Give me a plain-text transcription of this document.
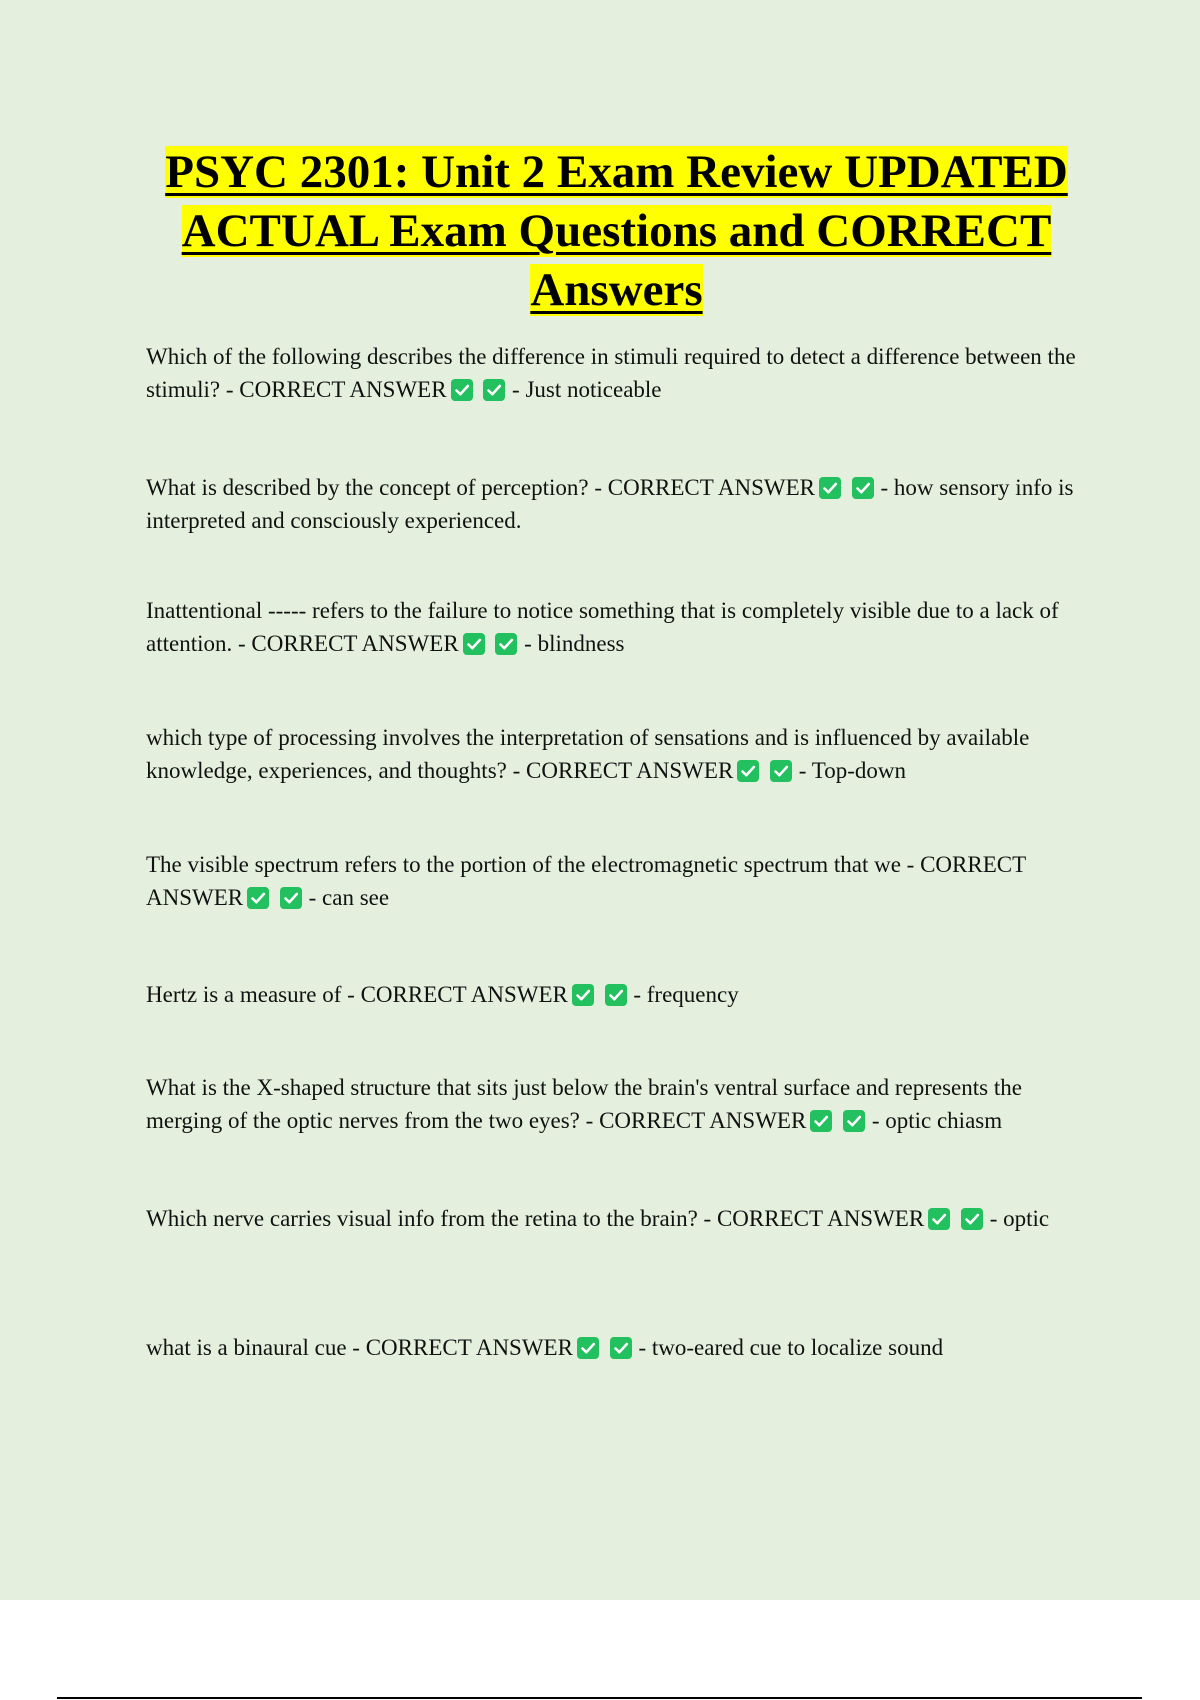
PSYC 2301: Unit 2 Exam Review UPDATED ACTUAL Exam Questions and CORRECT Answers

Which of the following describes the difference in stimuli required to detect a difference between the stimuli? - CORRECT ANSWER
	- Just noticeable

What is described by the concept of perception? - CORRECT ANSWER
	- how sensory info is interpreted and consciously experienced.

Inattentional ----- refers to the failure to notice something that is completely visible due to a lack of attention. - CORRECT ANSWER
	- blindness

which type of processing involves the interpretation of sensations and is influenced by available knowledge, experiences, and thoughts? - CORRECT ANSWER
	- Top-down

The visible spectrum refers to the portion of the electromagnetic spectrum that we - CORRECT ANSWER
	- can see

Hertz is a measure of - CORRECT ANSWER
	- frequency

What is the X-shaped structure that sits just below the brain's ventral surface and represents the merging of the optic nerves from the two eyes? - CORRECT ANSWER
	- optic chiasm

Which nerve carries visual info from the retina to the brain? - CORRECT ANSWER
	- optic

what is a binaural cue - CORRECT ANSWER
	- two-eared cue to localize sound
